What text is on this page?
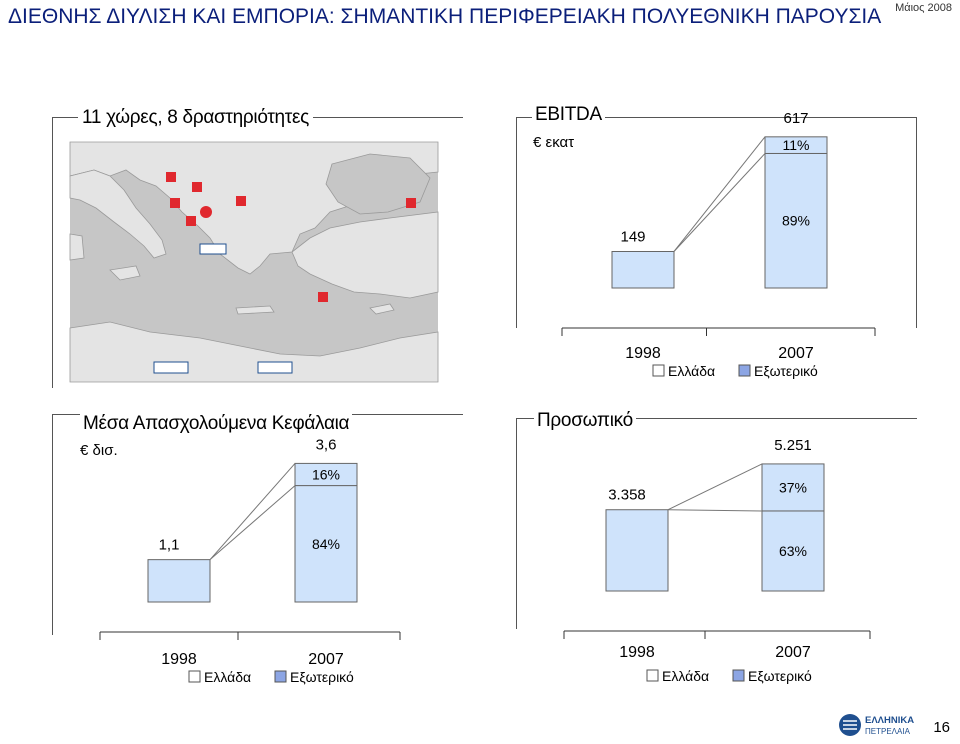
ΔΙΕΘΝΗΣ ΔΙΥΛΙΣΗ ΚΑΙ ΕΜΠΟΡΙΑ: ΣΗΜΑΝΤΙΚΗ ΠΕΡΙΦΕΡΕΙΑΚΗ ΠΟΛΥΕΘΝΙΚΗ ΠΑΡΟΥΣΙΑ	Μάιος 2008
11 χώρες, 8 δραστηριότητες	EBITDA
€ εκατ
Μέσα Απασχολούμενα Κεφάλαια
€ δισ.
Προσωπικό
149
617
11%
89%
1998	2007
Ελλάδα	Εξωτερικό
1,1
3,6
16%
84%
1998	2007
Ελλάδα	Εξωτερικό
3.358
5.251
37%
63%
1998	2007
Ελλάδα	Εξωτερικό
ΕΛΛΗΝΙΚΑ
ΠΕΤΡΕΛΑΙΑ 16
